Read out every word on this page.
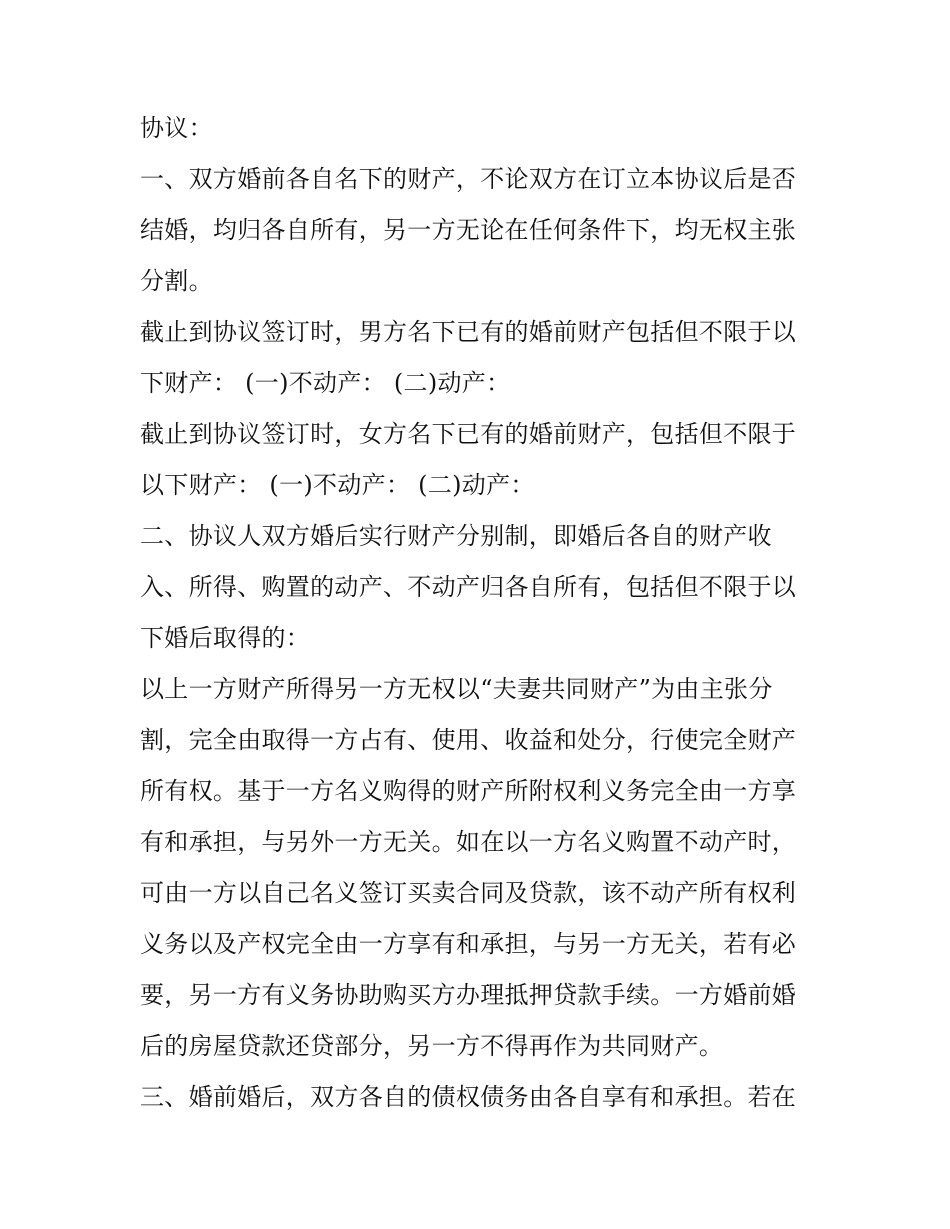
协议：
一、双方婚前各自名下的财产，不论双方在订立本协议后是否
结婚，均归各自所有，另一方无论在任何条件下，均无权主张
分割。
截止到协议签订时，男方名下已有的婚前财产包括但不限于以
下财产： (一)不动产： (二)动产：
截止到协议签订时，女方名下已有的婚前财产，包括但不限于
以下财产： (一)不动产： (二)动产：
二、协议人双方婚后实行财产分别制，即婚后各自的财产收
入、所得、购置的动产、不动产归各自所有，包括但不限于以
下婚后取得的：
以上一方财产所得另一方无权以“夫妻共同财产”为由主张分
割，完全由取得一方占有、使用、收益和处分，行使完全财产
所有权。基于一方名义购得的财产所附权利义务完全由一方享
有和承担，与另外一方无关。如在以一方名义购置不动产时，
可由一方以自己名义签订买卖合同及贷款，该不动产所有权利
义务以及产权完全由一方享有和承担，与另一方无关，若有必
要，另一方有义务协助购买方办理抵押贷款手续。一方婚前婚
后的房屋贷款还贷部分，另一方不得再作为共同财产。
三、婚前婚后，双方各自的债权债务由各自享有和承担。若在
